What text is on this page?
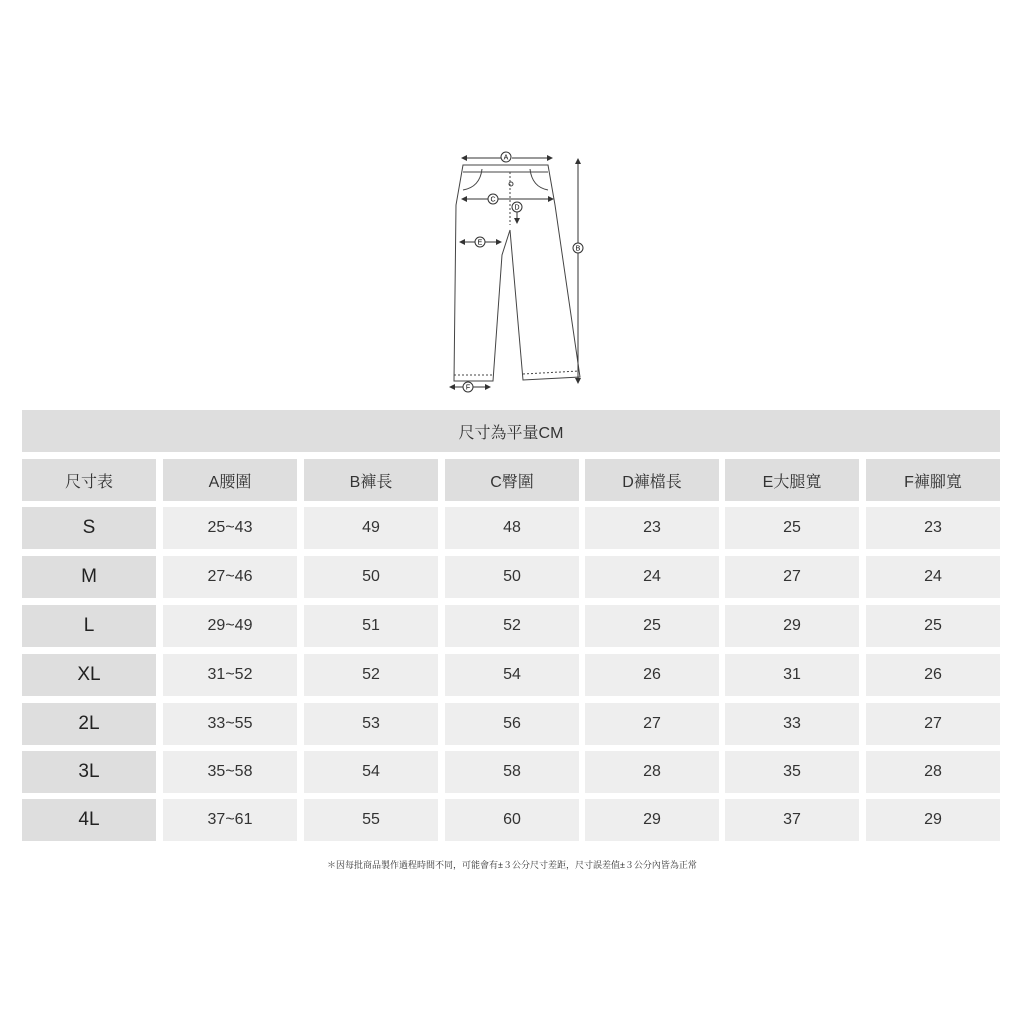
A
B
C
D
E
F
尺寸為平量CM
尺寸表	A腰圍	B褲長	C臀圍	D褲檔長	E大腿寬	F褲腳寬
S	25~43	49	48	23	25	23
M	27~46	50	50	24	27	24
L	29~49	51	52	25	29	25
XL	31~52	52	54	26	31	26
2L	33~55	53	56	27	33	27
3L	35~58	54	58	28	35	28
4L	37~61	55	60	29	37	29
＊因每批商品製作過程時間不同，可能會有±３公分尺寸差距，尺寸誤差值±３公分內皆為正常
